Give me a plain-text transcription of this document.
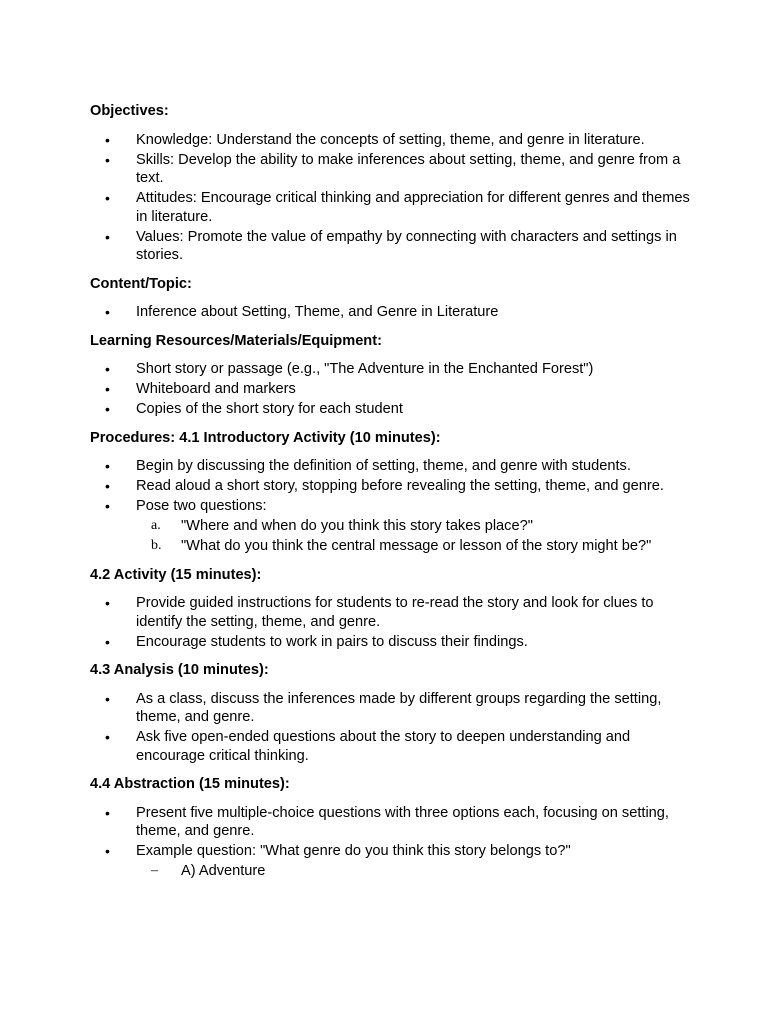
Objectives:
• Knowledge: Understand the concepts of setting, theme, and genre in literature.
• Skills: Develop the ability to make inferences about setting, theme, and genre from a text.
• Attitudes: Encourage critical thinking and appreciation for different genres and themes in literature.
• Values: Promote the value of empathy by connecting with characters and settings in stories.
Content/Topic:
• Inference about Setting, Theme, and Genre in Literature
Learning Resources/Materials/Equipment:
• Short story or passage (e.g., "The Adventure in the Enchanted Forest")
• Whiteboard and markers
• Copies of the short story for each student
Procedures: 4.1 Introductory Activity (10 minutes):
• Begin by discussing the definition of setting, theme, and genre with students.
• Read aloud a short story, stopping before revealing the setting, theme, and genre.
• Pose two questions:
a. "Where and when do you think this story takes place?"
b. "What do you think the central message or lesson of the story might be?"
4.2 Activity (15 minutes):
• Provide guided instructions for students to re-read the story and look for clues to identify the setting, theme, and genre.
• Encourage students to work in pairs to discuss their findings.
4.3 Analysis (10 minutes):
• As a class, discuss the inferences made by different groups regarding the setting, theme, and genre.
• Ask five open-ended questions about the story to deepen understanding and encourage critical thinking.
4.4 Abstraction (15 minutes):
• Present five multiple-choice questions with three options each, focusing on setting, theme, and genre.
• Example question: "What genre do you think this story belongs to?"
– A) Adventure
